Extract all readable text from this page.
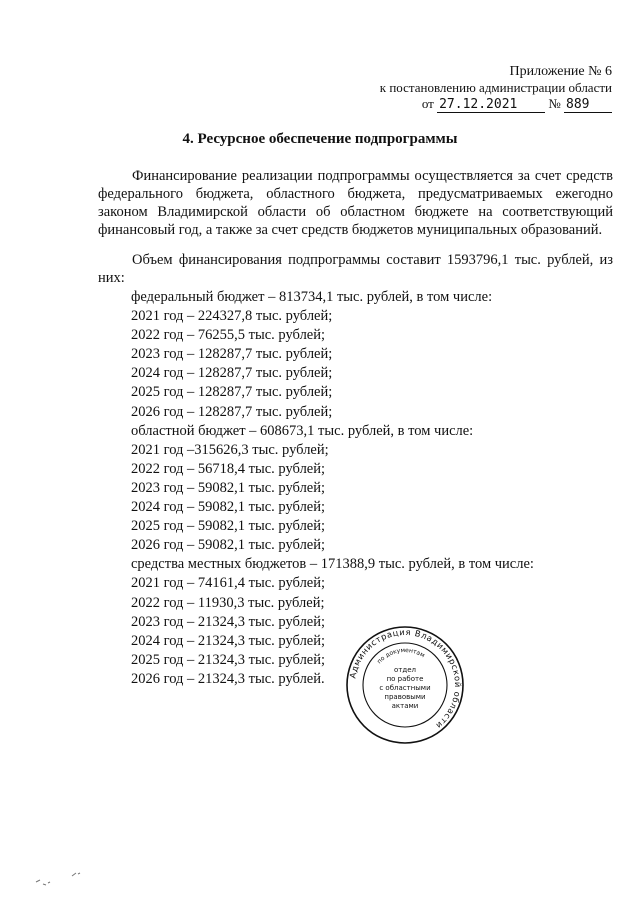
Приложение № 6
к постановлению администрации области
от 27.12.2021 № 889
4. Ресурсное обеспечение подпрограммы

Финансирование реализации подпрограммы осуществляется за счет средств федерального бюджета, областного бюджета, предусматриваемых ежегодно законом Владимирской области об областном бюджете на соответствующий финансовый год, а также за счет средств бюджетов муниципальных образований.

Объем финансирования подпрограммы составит 1593796,1 тыс. рублей, из них:

федеральный бюджет – 813734,1 тыс. рублей, в том числе:
2021 год – 224327,8 тыс. рублей;
2022 год – 76255,5 тыс. рублей;
2023 год – 128287,7 тыс. рублей;
2024 год – 128287,7 тыс. рублей;
2025 год – 128287,7 тыс. рублей;
2026 год – 128287,7 тыс. рублей;
областной бюджет – 608673,1 тыс. рублей, в том числе:
2021 год –315626,3 тыс. рублей;
2022 год – 56718,4 тыс. рублей;
2023 год – 59082,1 тыс. рублей;
2024 год – 59082,1 тыс. рублей;
2025 год – 59082,1 тыс. рублей;
2026 год – 59082,1 тыс. рублей;
средства местных бюджетов – 171388,9 тыс. рублей, в том числе:
2021 год – 74161,4 тыс. рублей;
2022 год – 11930,3 тыс. рублей;
2023 год – 21324,3 тыс. рублей;
2024 год – 21324,3 тыс. рублей;
2025 год – 21324,3 тыс. рублей;
2026 год – 21324,3 тыс. рублей.	Администрация Владимирской области
по документам
отдел
по работе
с областными
правовыми
актами
